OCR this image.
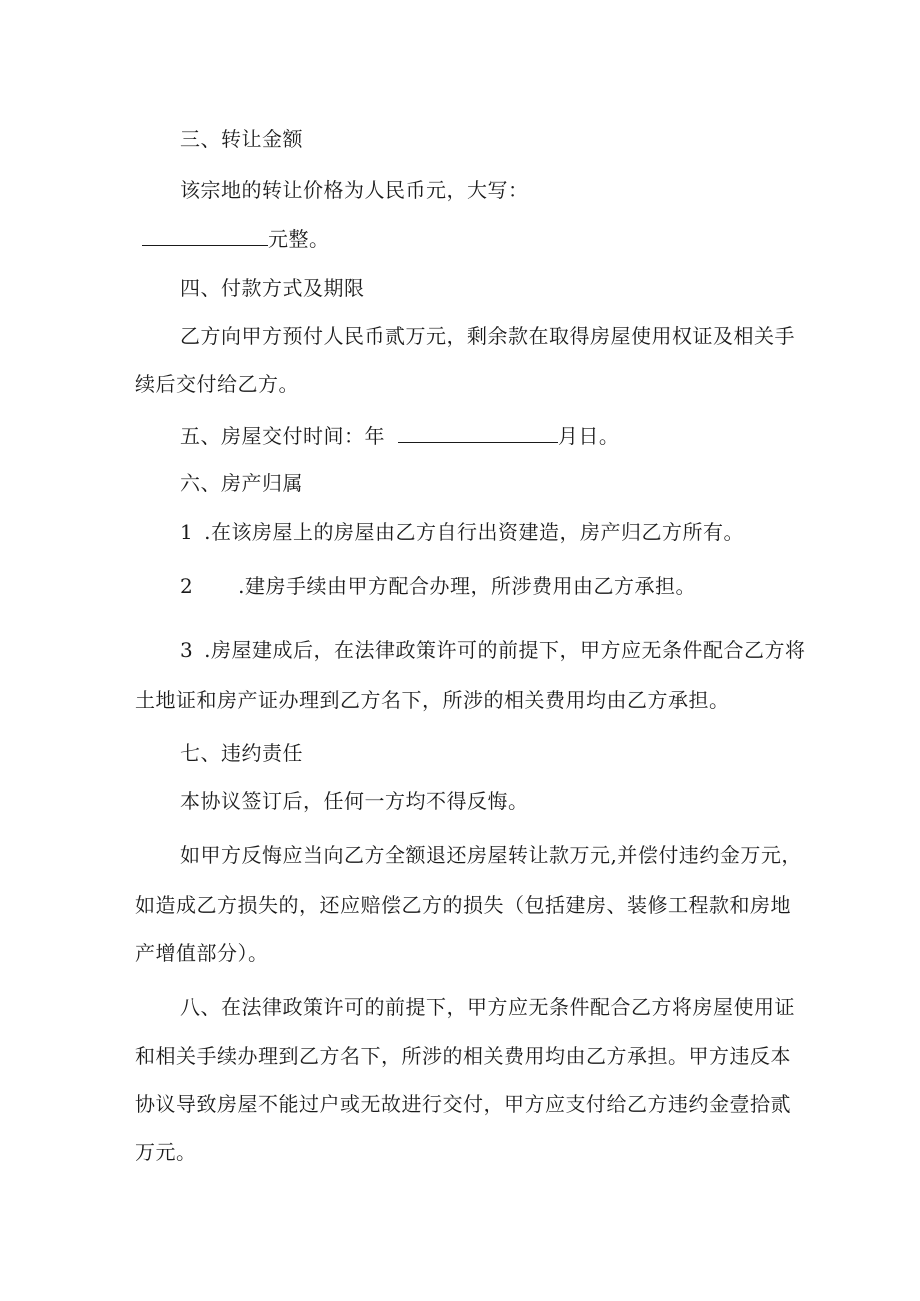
三、转让金额
该宗地的转让价格为人民币元，大写：
元整。
四、付款方式及期限
乙方向甲方预付人民币贰万元，剩余款在取得房屋使用权证及相关手
续后交付给乙方。
五、房屋交付时间：年	月日。
六、房产归属
1 .在该房屋上的房屋由乙方自行出资建造，房产归乙方所有。
2 .建房手续由甲方配合办理，所涉费用由乙方承担。
3 .房屋建成后，在法律政策许可的前提下，甲方应无条件配合乙方将
土地证和房产证办理到乙方名下，所涉的相关费用均由乙方承担。
七、违约责任
本协议签订后，任何一方均不得反悔。
如甲方反悔应当向乙方全额退还房屋转让款万元,并偿付违约金万元，
如造成乙方损失的，还应赔偿乙方的损失（包括建房、装修工程款和房地
产增值部分）。
八、在法律政策许可的前提下，甲方应无条件配合乙方将房屋使用证
和相关手续办理到乙方名下，所涉的相关费用均由乙方承担。甲方违反本
协议导致房屋不能过户或无故进行交付，甲方应支付给乙方违约金壹拾贰
万元。
